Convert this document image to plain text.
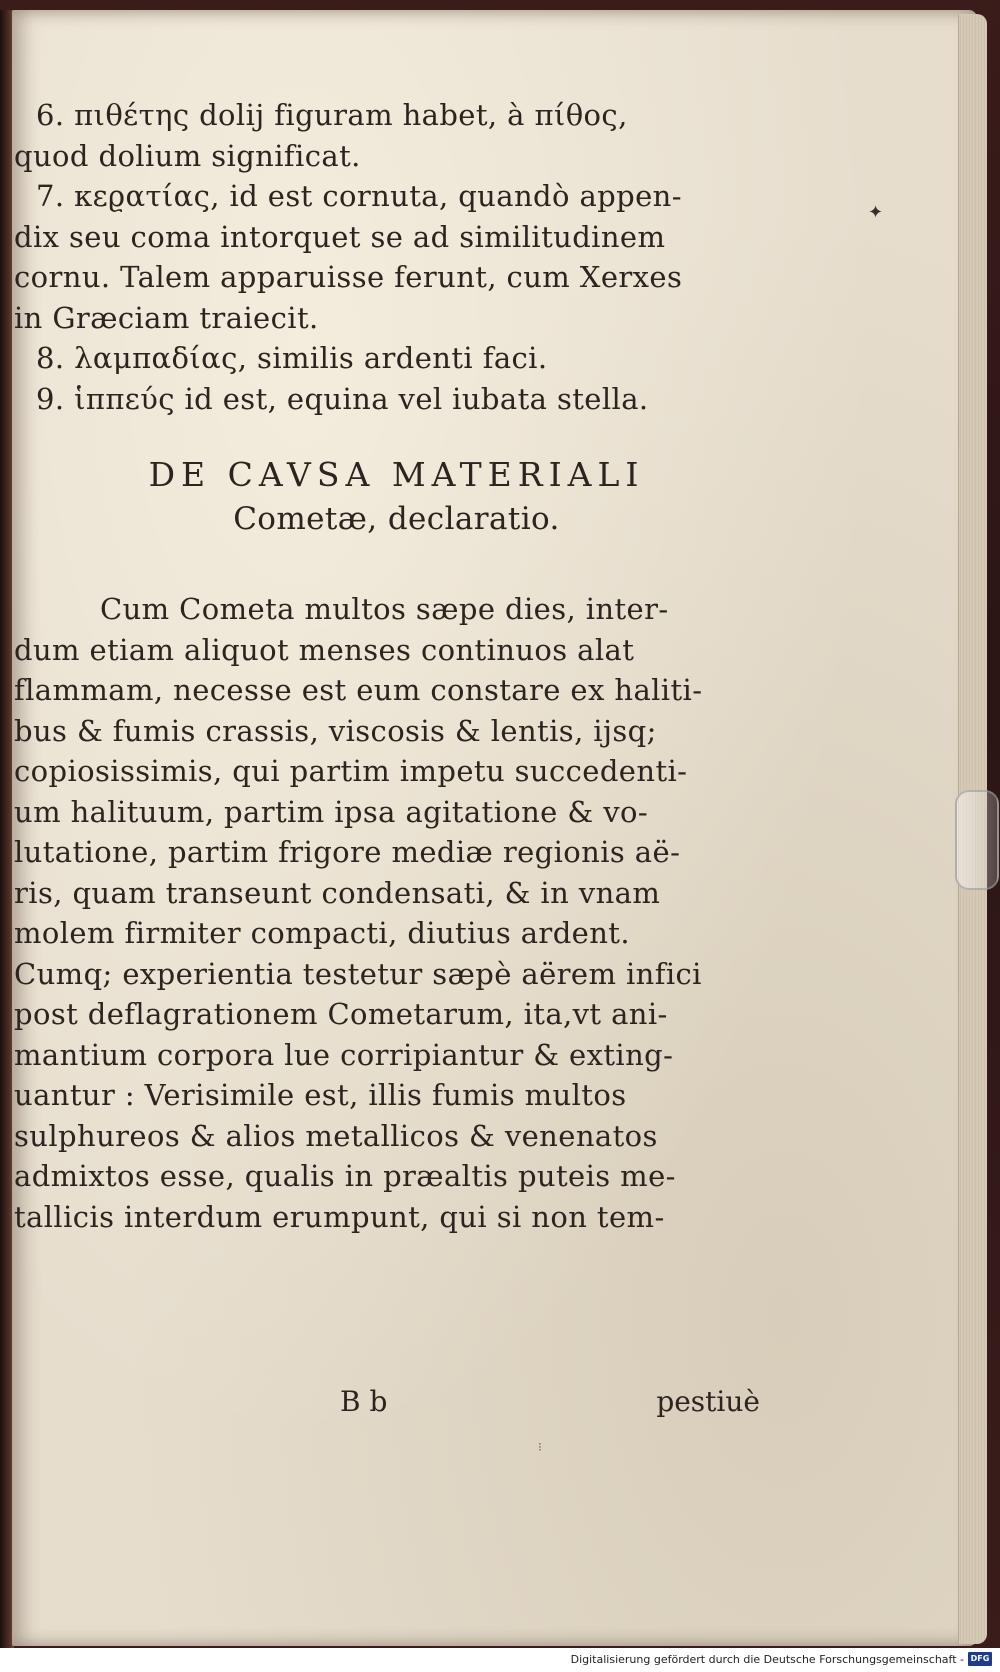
✦
6. πιθέτης dolij figuram habet, à πίθος,
quod dolium significat.
7. κεϱατίας, id est cornuta, quandò appen-
dix seu coma intorquet se ad similitudinem
cornu. Talem apparuisse ferunt, cum Xerxes
in Græciam traiecit.
8. λαμπαδίας, similis ardenti faci.
9. ἱππεύς id est, equina vel iubata stella.
DE CAVSA MATERIALI
Cometæ, declaratio.
Cum Cometa multos sæpe dies, inter-
dum etiam aliquot menses continuos alat
flammam, necesse est eum constare ex haliti-
bus & fumis crassis, viscosis & lentis, ijsq;
copiosissimis, qui partim impetu succedenti-
um halituum, partim ipsa agitatione & vo-
lutatione, partim frigore mediæ regionis aë-
ris, quam transeunt condensati, & in vnam
molem firmiter compacti, diutius ardent.
Cumq; experientia testetur sæpè aërem infici
post deflagrationem Cometarum, ita,vt ani-
mantium corpora lue corripiantur & exting-
uantur : Verisimile est, illis fumis multos
sulphureos & alios metallicos & venenatos
admixtos esse, qualis in præaltis puteis me-
tallicis interdum erumpunt, qui si non tem-
B b	pestiuè
⁝
Digitalisierung gefördert durch die Deutsche Forschungsgemeinschaft - DFG
